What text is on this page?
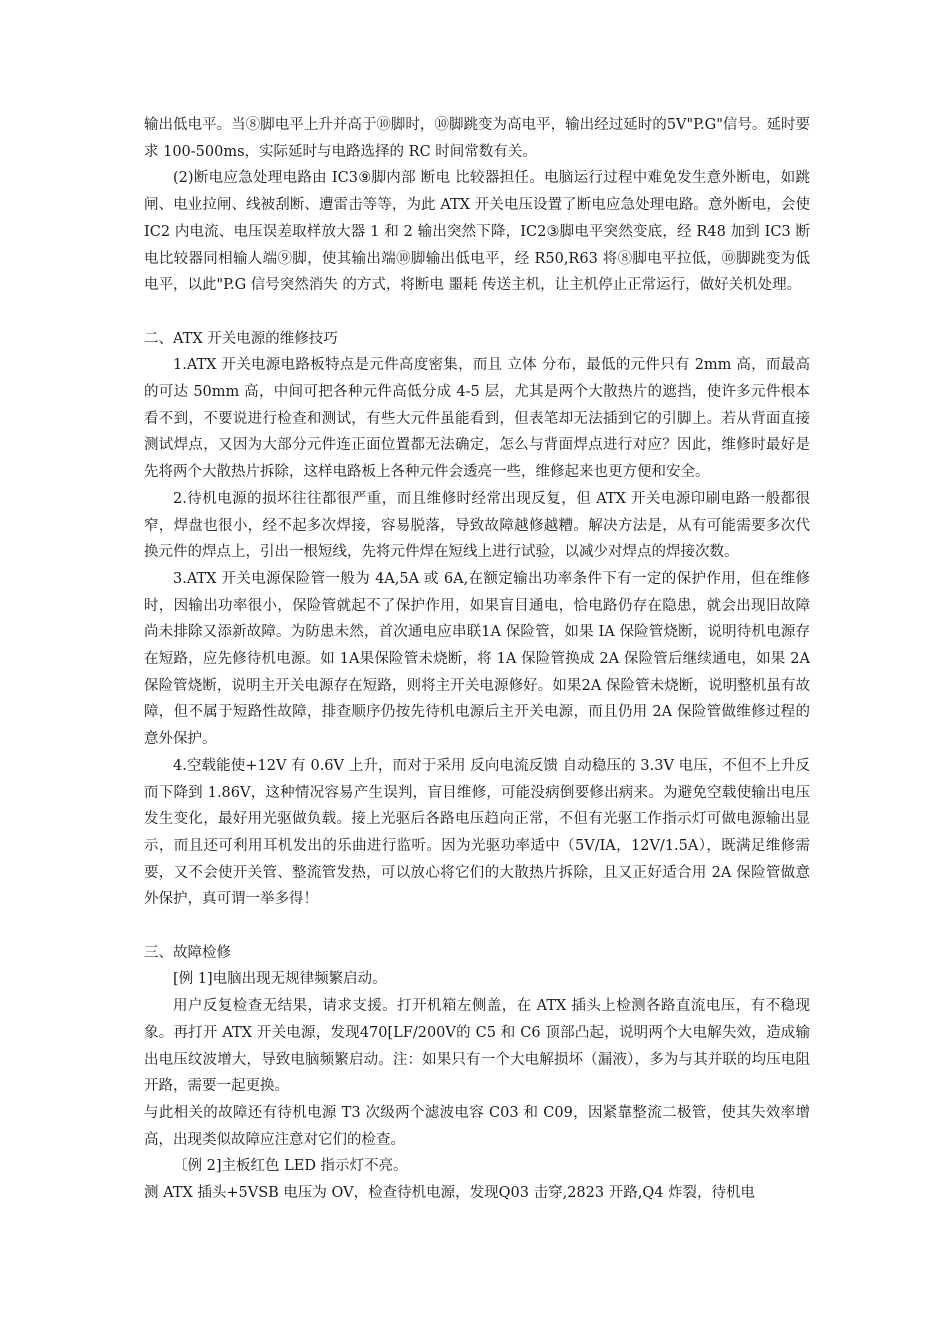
输出低电平。当⑧脚电平上升并高于⑩脚时，⑩脚跳变为高电平，输出经过延时的5V"P.G"信号。延时要求 100-500ms，实际延时与电路选择的 RC 时间常数有关。

(2)断电应急处理电路由 IC3⑨脚内部 断电 比较器担任。电脑运行过程中难免发生意外断电，如跳闸、电业拉闸、线被刮断、遭雷击等等，为此 ATX 开关电压设置了断电应急处理电路。意外断电，会使 IC2 内电流、电压误差取样放大器 1 和 2 输出突然下降，IC2③脚电平突然变底，经 R48 加到 IC3 断电比较器同相输人端⑨脚，使其输出端⑩脚输出低电平，经 R50,R63 将⑧脚电平拉低，⑩脚跳变为低电平，以此"P.G 信号突然消失 的方式，将断电 噩耗 传送主机，让主机停止正常运行，做好关机处理。

二、ATX 开关电源的维修技巧

1.ATX 开关电源电路板特点是元件高度密集，而且 立体 分布，最低的元件只有 2mm 高，而最高的可达 50mm 高，中间可把各种元件高低分成 4-5 层，尤其是两个大散热片的遮挡，使许多元件根本看不到，不要说进行检查和测试，有些大元件虽能看到，但表笔却无法插到它的引脚上。若从背面直接测试焊点，又因为大部分元件连正面位置都无法确定，怎么与背面焊点进行对应？因此，维修时最好是先将两个大散热片拆除，这样电路板上各种元件会透亮一些，维修起来也更方便和安全。

2.待机电源的损坏往往都很严重，而且维修时经常出现反复，但 ATX 开关电源印刷电路一般都很窄，焊盘也很小，经不起多次焊接，容易脱落，导致故障越修越糟。解决方法是，从有可能需要多次代换元件的焊点上，引出一根短线，先将元件焊在短线上进行试验，以减少对焊点的焊接次数。

3.ATX 开关电源保险管一般为 4A,5A 或 6A,在额定输出功率条件下有一定的保护作用，但在维修时，因输出功率很小，保险管就起不了保护作用，如果盲目通电，恰电路仍存在隐患，就会出现旧故障尚未排除又添新故障。为防患未然，首次通电应串联1A 保险管，如果 IA 保险管烧断，说明待机电源存在短路，应先修待机电源。如 1A果保险管未烧断，将 1A 保险管换成 2A 保险管后继续通电，如果 2A 保险管烧断，说明主开关电源存在短路，则将主开关电源修好。如果2A 保险管未烧断，说明整机虽有故障，但不属于短路性故障，排查顺序仍按先待机电源后主开关电源，而且仍用 2A 保险管做维修过程的意外保护。

4.空载能使+12V 有 0.6V 上升，而对于采用 反向电流反馈 自动稳压的 3.3V 电压，不但不上升反而下降到 1.86V，这种情况容易产生误判，盲目维修，可能没病倒要修出病来。为避免空载使输出电压发生变化，最好用光驱做负载。接上光驱后各路电压趋向正常，不但有光驱工作指示灯可做电源输出显示，而且还可利用耳机发出的乐曲进行监听。因为光驱功率适中（5V/IA，12V/1.5A），既满足维修需要，又不会使开关管、整流管发热，可以放心将它们的大散热片拆除，且又正好适合用 2A 保险管做意外保护，真可谓一举多得！

三、故障检修

[例 1]电脑出现无规律频繁启动。

用户反复检查无结果，请求支援。打开机箱左侧盖，在 ATX 插头上检测各路直流电压，有不稳现象。再打开 ATX 开关电源，发现470[LF/200V的 C5 和 C6 顶部凸起，说明两个大电解失效，造成输出电压纹波增大，导致电脑频繁启动。注：如果只有一个大电解损坏（漏液），多为与其并联的均压电阻开路，需要一起更换。

与此相关的故障还有待机电源 T3 次级两个滤波电容 C03 和 C09，因紧靠整流二极管，使其失效率增高，出现类似故障应注意对它们的检查。

〔例 2]主板红色 LED 指示灯不亮。

测 ATX 插头+5VSB 电压为 OV，检查待机电源，发现Q03 击穿,2823 开路,Q4 炸裂，待机电
